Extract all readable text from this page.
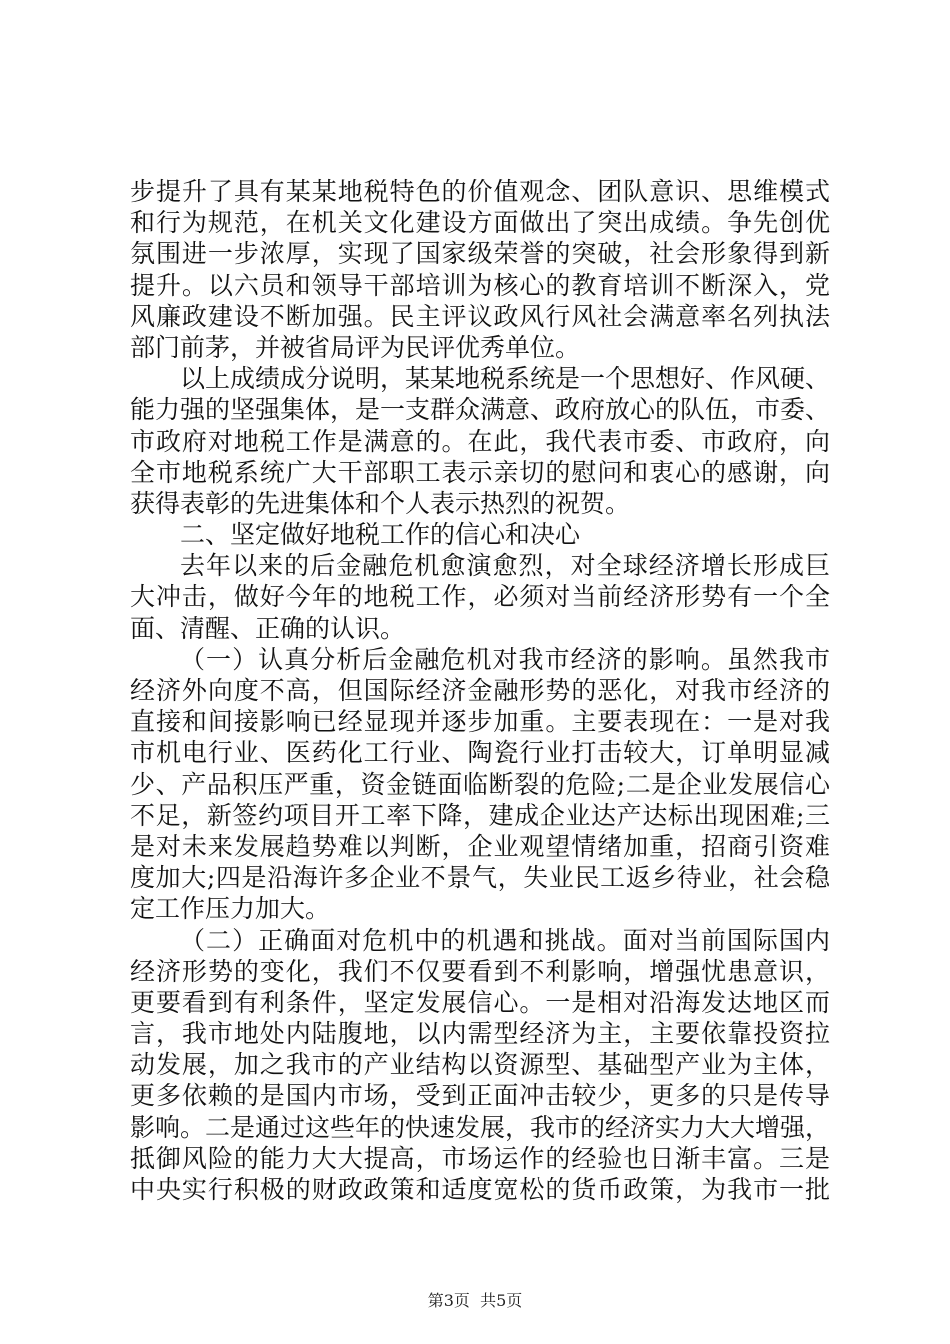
步提升了具有某某地税特色的价值观念、团队意识、思维模式
和行为规范，在机关文化建设方面做出了突出成绩。争先创优
氛围进一步浓厚，实现了国家级荣誉的突破，社会形象得到新
提升。以六员和领导干部培训为核心的教育培训不断深入，党
风廉政建设不断加强。民主评议政风行风社会满意率名列执法
部门前茅，并被省局评为民评优秀单位。
以上成绩成分说明，某某地税系统是一个思想好、作风硬、
能力强的坚强集体，是一支群众满意、政府放心的队伍，市委、
市政府对地税工作是满意的。在此，我代表市委、市政府，向
全市地税系统广大干部职工表示亲切的慰问和衷心的感谢，向
获得表彰的先进集体和个人表示热烈的祝贺。
二、坚定做好地税工作的信心和决心
去年以来的后金融危机愈演愈烈，对全球经济增长形成巨
大冲击，做好今年的地税工作，必须对当前经济形势有一个全
面、清醒、正确的认识。
（一）认真分析后金融危机对我市经济的影响。虽然我市
经济外向度不高，但国际经济金融形势的恶化，对我市经济的
直接和间接影响已经显现并逐步加重。主要表现在：一是对我
市机电行业、医药化工行业、陶瓷行业打击较大，订单明显减
少、产品积压严重，资金链面临断裂的危险;二是企业发展信心
不足，新签约项目开工率下降，建成企业达产达标出现困难;三
是对未来发展趋势难以判断，企业观望情绪加重，招商引资难
度加大;四是沿海许多企业不景气，失业民工返乡待业，社会稳
定工作压力加大。
（二）正确面对危机中的机遇和挑战。面对当前国际国内
经济形势的变化，我们不仅要看到不利影响，增强忧患意识，
更要看到有利条件，坚定发展信心。一是相对沿海发达地区而
言，我市地处内陆腹地，以内需型经济为主，主要依靠投资拉
动发展，加之我市的产业结构以资源型、基础型产业为主体，
更多依赖的是国内市场，受到正面冲击较少，更多的只是传导
影响。二是通过这些年的快速发展，我市的经济实力大大增强，
抵御风险的能力大大提高，市场运作的经验也日渐丰富。三是
中央实行积极的财政政策和适度宽松的货币政策，为我市一批
第3页  共5页
